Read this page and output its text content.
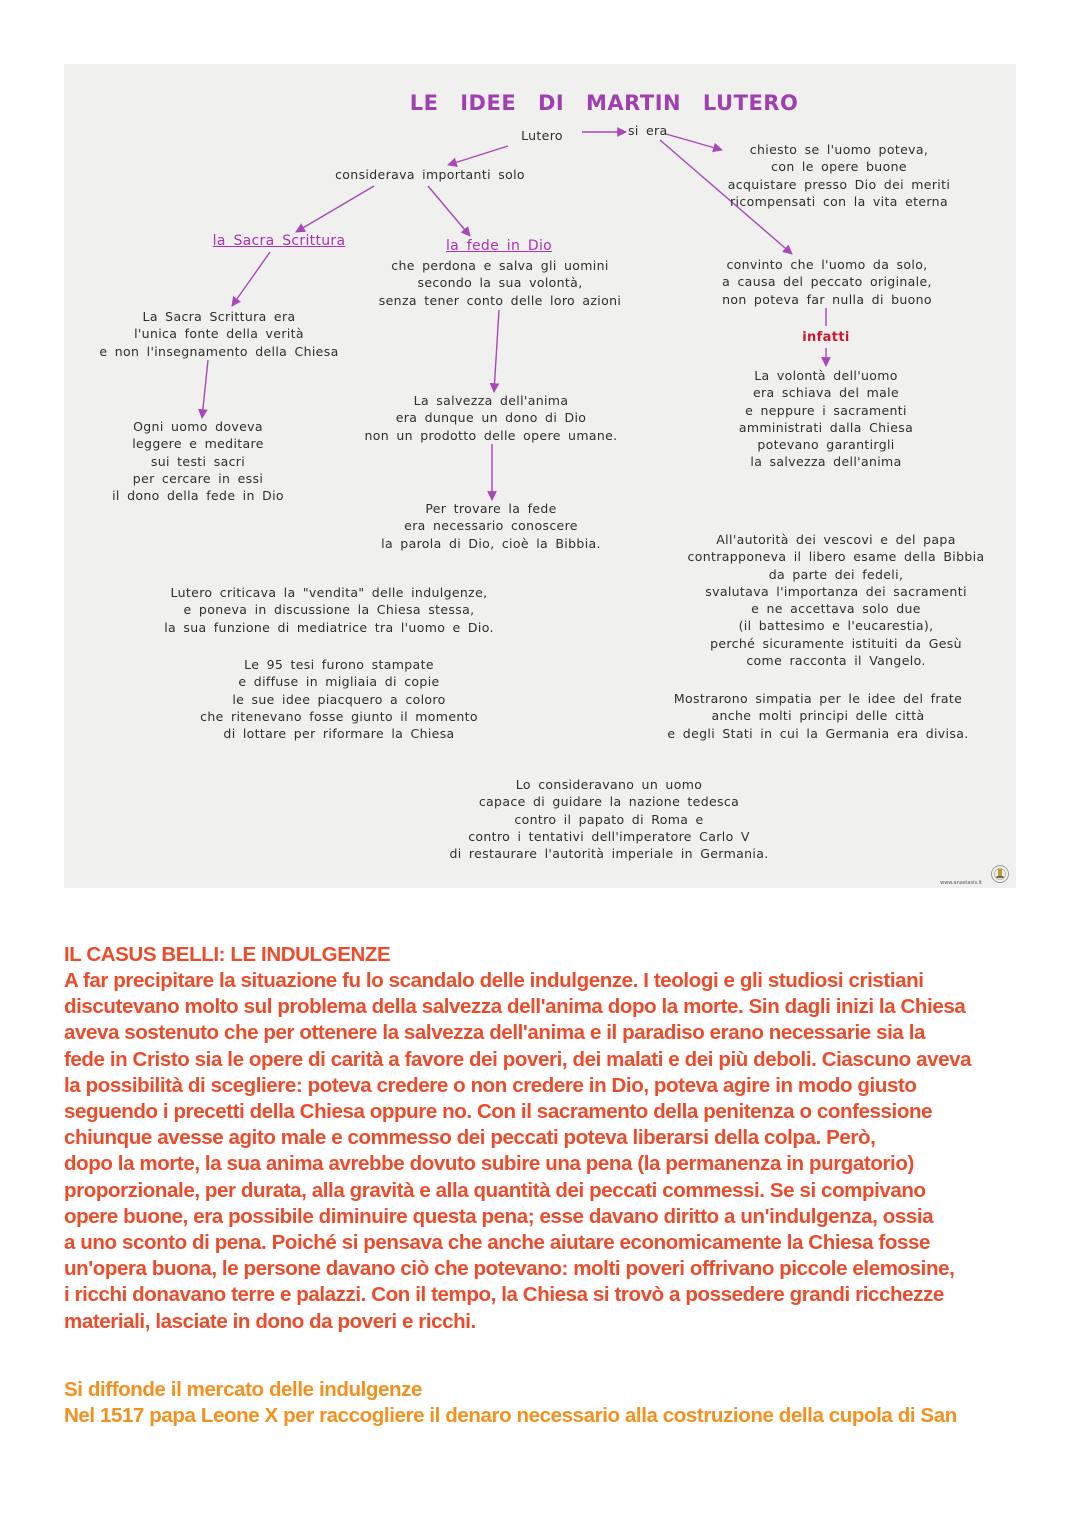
LE IDEE DI MARTIN LUTERO

Lutero	si era

considerava importanti solo

chiesto se l'uomo poteva,
con le opere buone
acquistare presso Dio dei meriti
ricompensati con la vita eterna

la Sacra Scrittura	la fede in Dio

che perdona e salva gli uomini
secondo la sua volontà,
senza tener conto delle loro azioni

convinto che l'uomo da solo,
a causa del peccato originale,
non poteva far nulla di buono

infatti

La Sacra Scrittura era
l'unica fonte della verità
e non l'insegnamento della Chiesa

La volontà dell'uomo
era schiava del male
e neppure i sacramenti
amministrati dalla Chiesa
potevano garantirgli
la salvezza dell'anima

La salvezza dell'anima
era dunque un dono di Dio
non un prodotto delle opere umane.

Ogni uomo doveva
leggere e meditare
sui testi sacri
per cercare in essi
il dono della fede in Dio

Per trovare la fede
era necessario conoscere
la parola di Dio, cioè la Bibbia.	All'autorità dei vescovi e del papa
contrapponeva il libero esame della Bibbia
da parte dei fedeli,
svalutava l'importanza dei sacramenti
e ne accettava solo due
(il battesimo e l'eucarestia),
perché sicuramente istituiti da Gesù
come racconta il Vangelo.

Lutero criticava la "vendita" delle indulgenze,
e poneva in discussione la Chiesa stessa,
la sua funzione di mediatrice tra l'uomo e Dio.

Le 95 tesi furono stampate
e diffuse in migliaia di copie
le sue idee piacquero a coloro
che ritenevano fosse giunto il momento
di lottare per riformare la Chiesa

Mostrarono simpatia per le idee del frate
anche molti principi delle città
e degli Stati in cui la Germania era divisa.

Lo consideravano un uomo
capace di guidare la nazione tedesca
contro il papato di Roma e
contro i tentativi dell'imperatore Carlo V
di restaurare l'autorità imperiale in Germania.

www.anastasis.it
IL CASUS BELLI: LE INDULGENZE
A far precipitare la situazione fu lo scandalo delle indulgenze. I teologi e gli studiosi cristiani
discutevano molto sul problema della salvezza dell'anima dopo la morte. Sin dagli inizi la Chiesa
aveva sostenuto che per ottenere la salvezza dell'anima e il paradiso erano necessarie sia la
fede in Cristo sia le opere di carità a favore dei poveri, dei malati e dei più deboli. Ciascuno aveva
la possibilità di scegliere: poteva credere o non credere in Dio, poteva agire in modo giusto
seguendo i precetti della Chiesa oppure no. Con il sacramento della penitenza o confessione
chiunque avesse agito male e commesso dei peccati poteva liberarsi della colpa. Però,
dopo la morte, la sua anima avrebbe dovuto subire una pena (la permanenza in purgatorio)
proporzionale, per durata, alla gravità e alla quantità dei peccati commessi. Se si compivano
opere buone, era possibile diminuire questa pena; esse davano diritto a un'indulgenza, ossia
a uno sconto di pena. Poiché si pensava che anche aiutare economicamente la Chiesa fosse
un'opera buona, le persone davano ciò che potevano: molti poveri offrivano piccole elemosine,
i ricchi donavano terre e palazzi. Con il tempo, la Chiesa si trovò a possedere grandi ricchezze
materiali, lasciate in dono da poveri e ricchi.
Si diffonde il mercato delle indulgenze
Nel 1517 papa Leone X per raccogliere il denaro necessario alla costruzione della cupola di San
